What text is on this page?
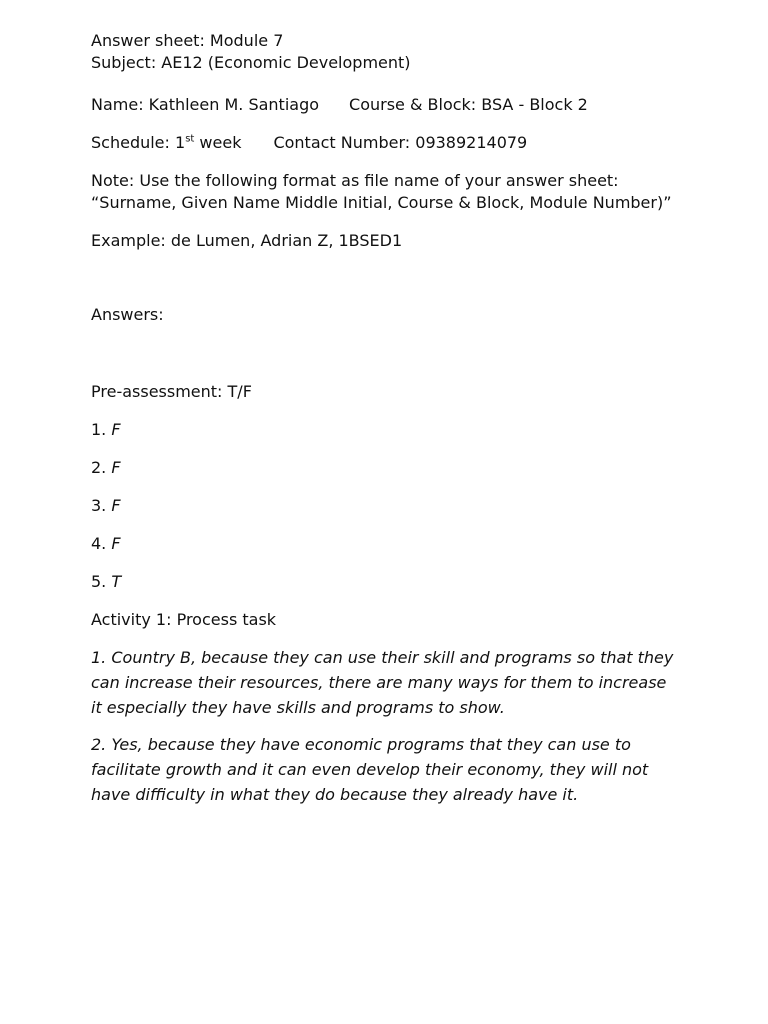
Answer sheet: Module 7
Subject: AE12 (Economic Development)
Name: Kathleen M. Santiago Course & Block: BSA - Block 2
Schedule: 1st week Contact Number: 09389214079
Note: Use the following format as file name of your answer sheet:
“Surname, Given Name Middle Initial, Course & Block, Module Number)”
Example: de Lumen, Adrian Z, 1BSED1
Answers:
Pre-assessment: T/F
1. F
2. F
3. F
4. F
5. T
Activity 1: Process task

1. Country B, because they can use their skill and programs so that they can increase their resources, there are many ways for them to increase it especially they have skills and programs to show.

2. Yes, because they have economic programs that they can use to facilitate growth and it can even develop their economy, they will not have difficulty in what they do because they already have it.
